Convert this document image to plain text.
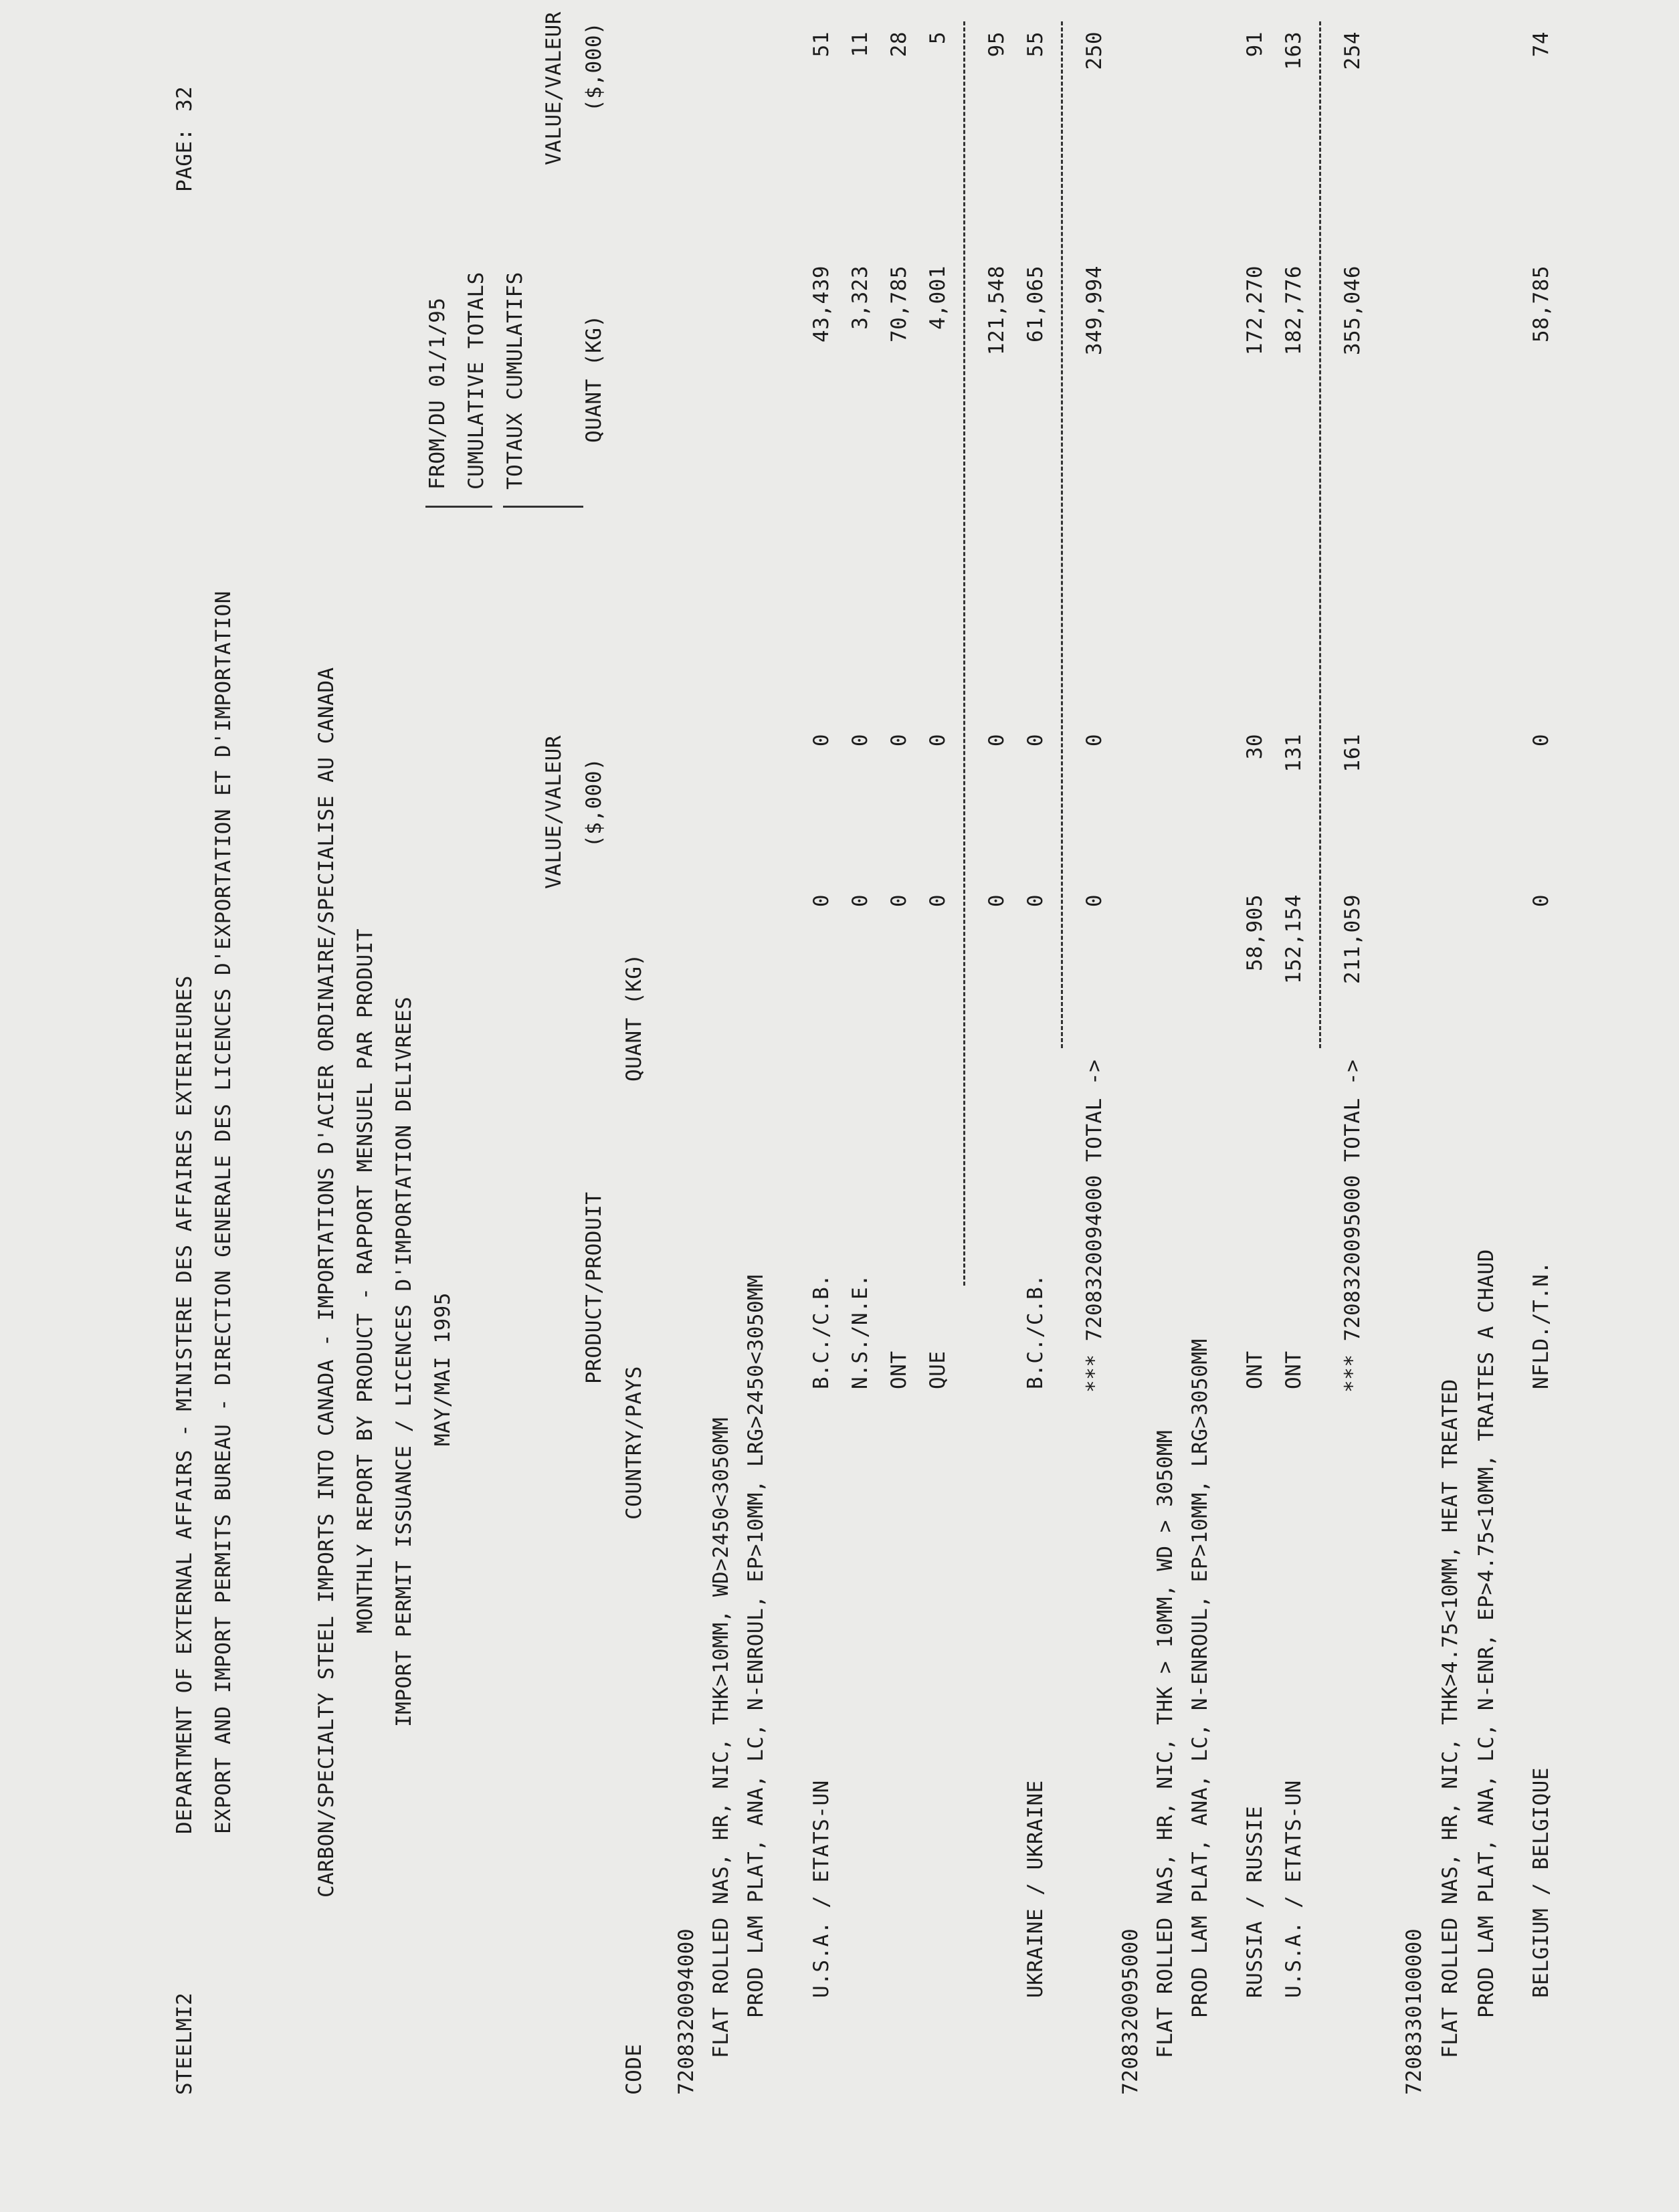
STEELMI2
DEPARTMENT OF EXTERNAL AFFAIRS - MINISTERE DES AFFAIRES EXTERIEURES
PAGE:
32
EXPORT AND IMPORT PERMITS BUREAU - DIRECTION GENERALE DES LICENCES D'EXPORTATION ET D'IMPORTATION	CARBON/SPECIALTY STEEL IMPORTS INTO CANADA - IMPORTATIONS D'ACIER ORDINAIRE/SPECIALISE AU CANADA MONTHLY REPORT BY PRODUCT - RAPPORT MENSUEL PAR PRODUIT IMPORT PERMIT ISSUANCE / LICENCES D'IMPORTATION DELIVREES MAY/MAI 1995
FROM/DU 01/1/95 CUMULATIVE TOTALS TOTAUX CUMULATIFS
VALUE/VALEUR
VALUE/VALEUR
PRODUCT/PRODUIT
($,000)
($,000)
QUANT (KG)
CODE
COUNTRY/PAYS
QUANT (KG)
7208320094000 FLAT ROLLED NAS, HR, NIC, THK>10MM, WD>2450<3050MM PROD LAM PLAT, ANA, LC, N-ENROUL, EP>10MM, LRG>2450<3050MM U.S.A. / ETATS-UN
B.C./C.B.
0
0
43,439
51
N.S./N.E.
0
0
3,323
11
ONT
0
0
70,785
28
QUE
0
0
4,001
5
0
0
121,548
95
UKRAINE / UKRAINE
B.C./C.B.
0
0
61,065
55
*** 7208320094000 TOTAL ->
0
0
349,994
250
7208320095000 FLAT ROLLED NAS, HR, NIC, THK > 10MM, WD > 3050MM PROD LAM PLAT, ANA, LC, N-ENROUL, EP>10MM, LRG>3050MM RUSSIA / RUSSIE
ONT
58,905
30
172,270
91
U.S.A. / ETATS-UN
ONT
152,154
131
182,776
163
*** 7208320095000 TOTAL ->
211,059
161
355,046
254
7208330100000 FLAT ROLLED NAS, HR, NIC, THK>4.75<10MM, HEAT TREATED PROD LAM PLAT, ANA, LC, N-ENR, EP>4.75<10MM, TRAITES A CHAUD BELGIUM / BELGIQUE
NFLD./T.N.
0
0
58,785
74
